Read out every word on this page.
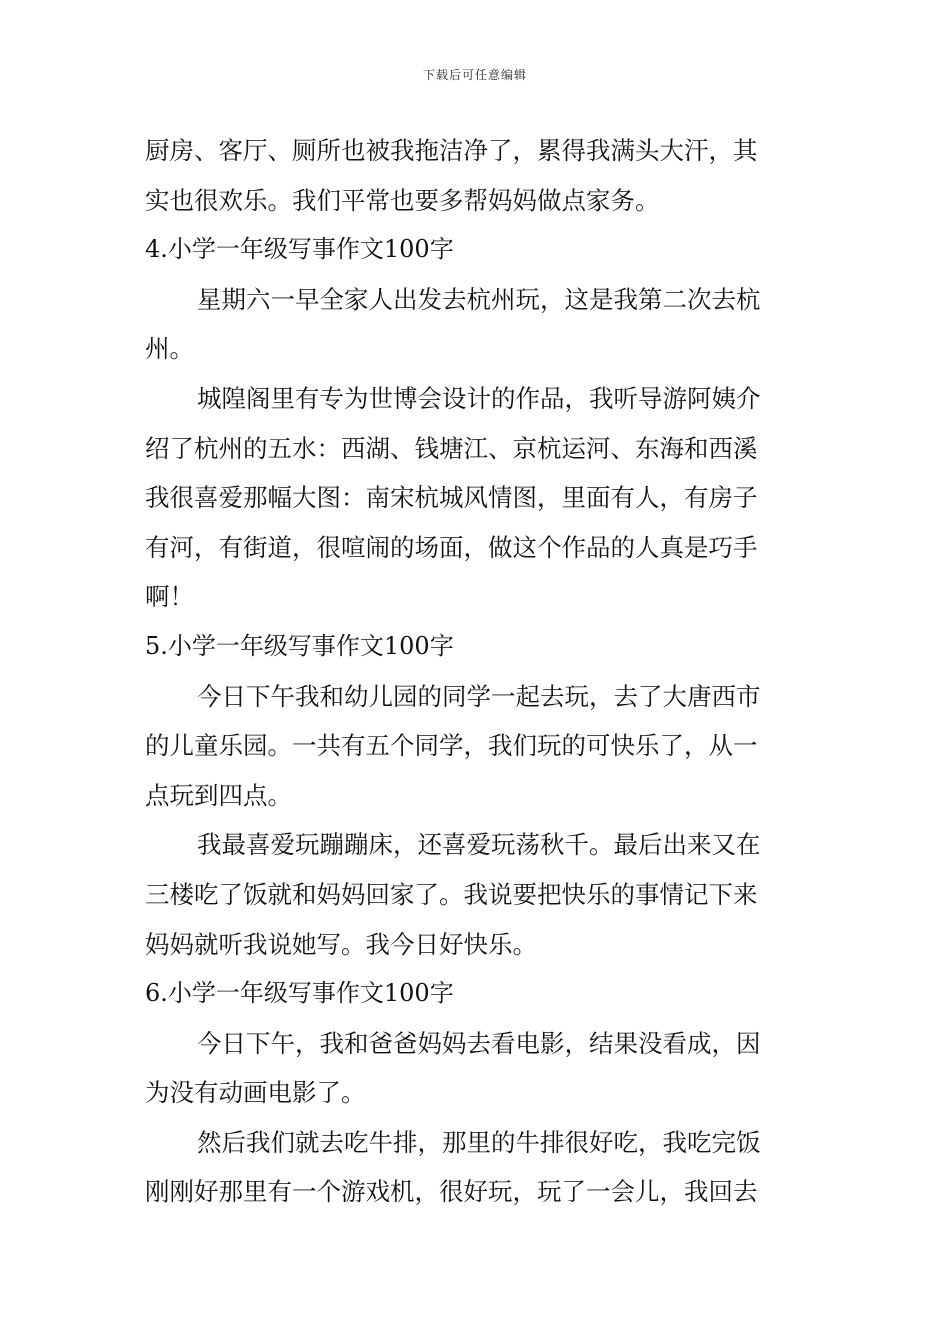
下载后可任意编辑
厨房、客厅、厕所也被我拖洁净了，累得我满头大汗，其
实也很欢乐。我们平常也要多帮妈妈做点家务。
4.小学一年级写事作文100字
星期六一早全家人出发去杭州玩，这是我第二次去杭
州。
城隍阁里有专为世博会设计的作品，我听导游阿姨介
绍了杭州的五水：西湖、钱塘江、京杭运河、东海和西溪
我很喜爱那幅大图：南宋杭城风情图，里面有人，有房子
有河，有街道，很喧闹的场面，做这个作品的人真是巧手
啊！
5.小学一年级写事作文100字
今日下午我和幼儿园的同学一起去玩，去了大唐西市
的儿童乐园。一共有五个同学，我们玩的可快乐了，从一
点玩到四点。
我最喜爱玩蹦蹦床，还喜爱玩荡秋千。最后出来又在
三楼吃了饭就和妈妈回家了。我说要把快乐的事情记下来
妈妈就听我说她写。我今日好快乐。
6.小学一年级写事作文100字
今日下午，我和爸爸妈妈去看电影，结果没看成，因
为没有动画电影了。
然后我们就去吃牛排，那里的牛排很好吃，我吃完饭
刚刚好那里有一个游戏机，很好玩，玩了一会儿，我回去
